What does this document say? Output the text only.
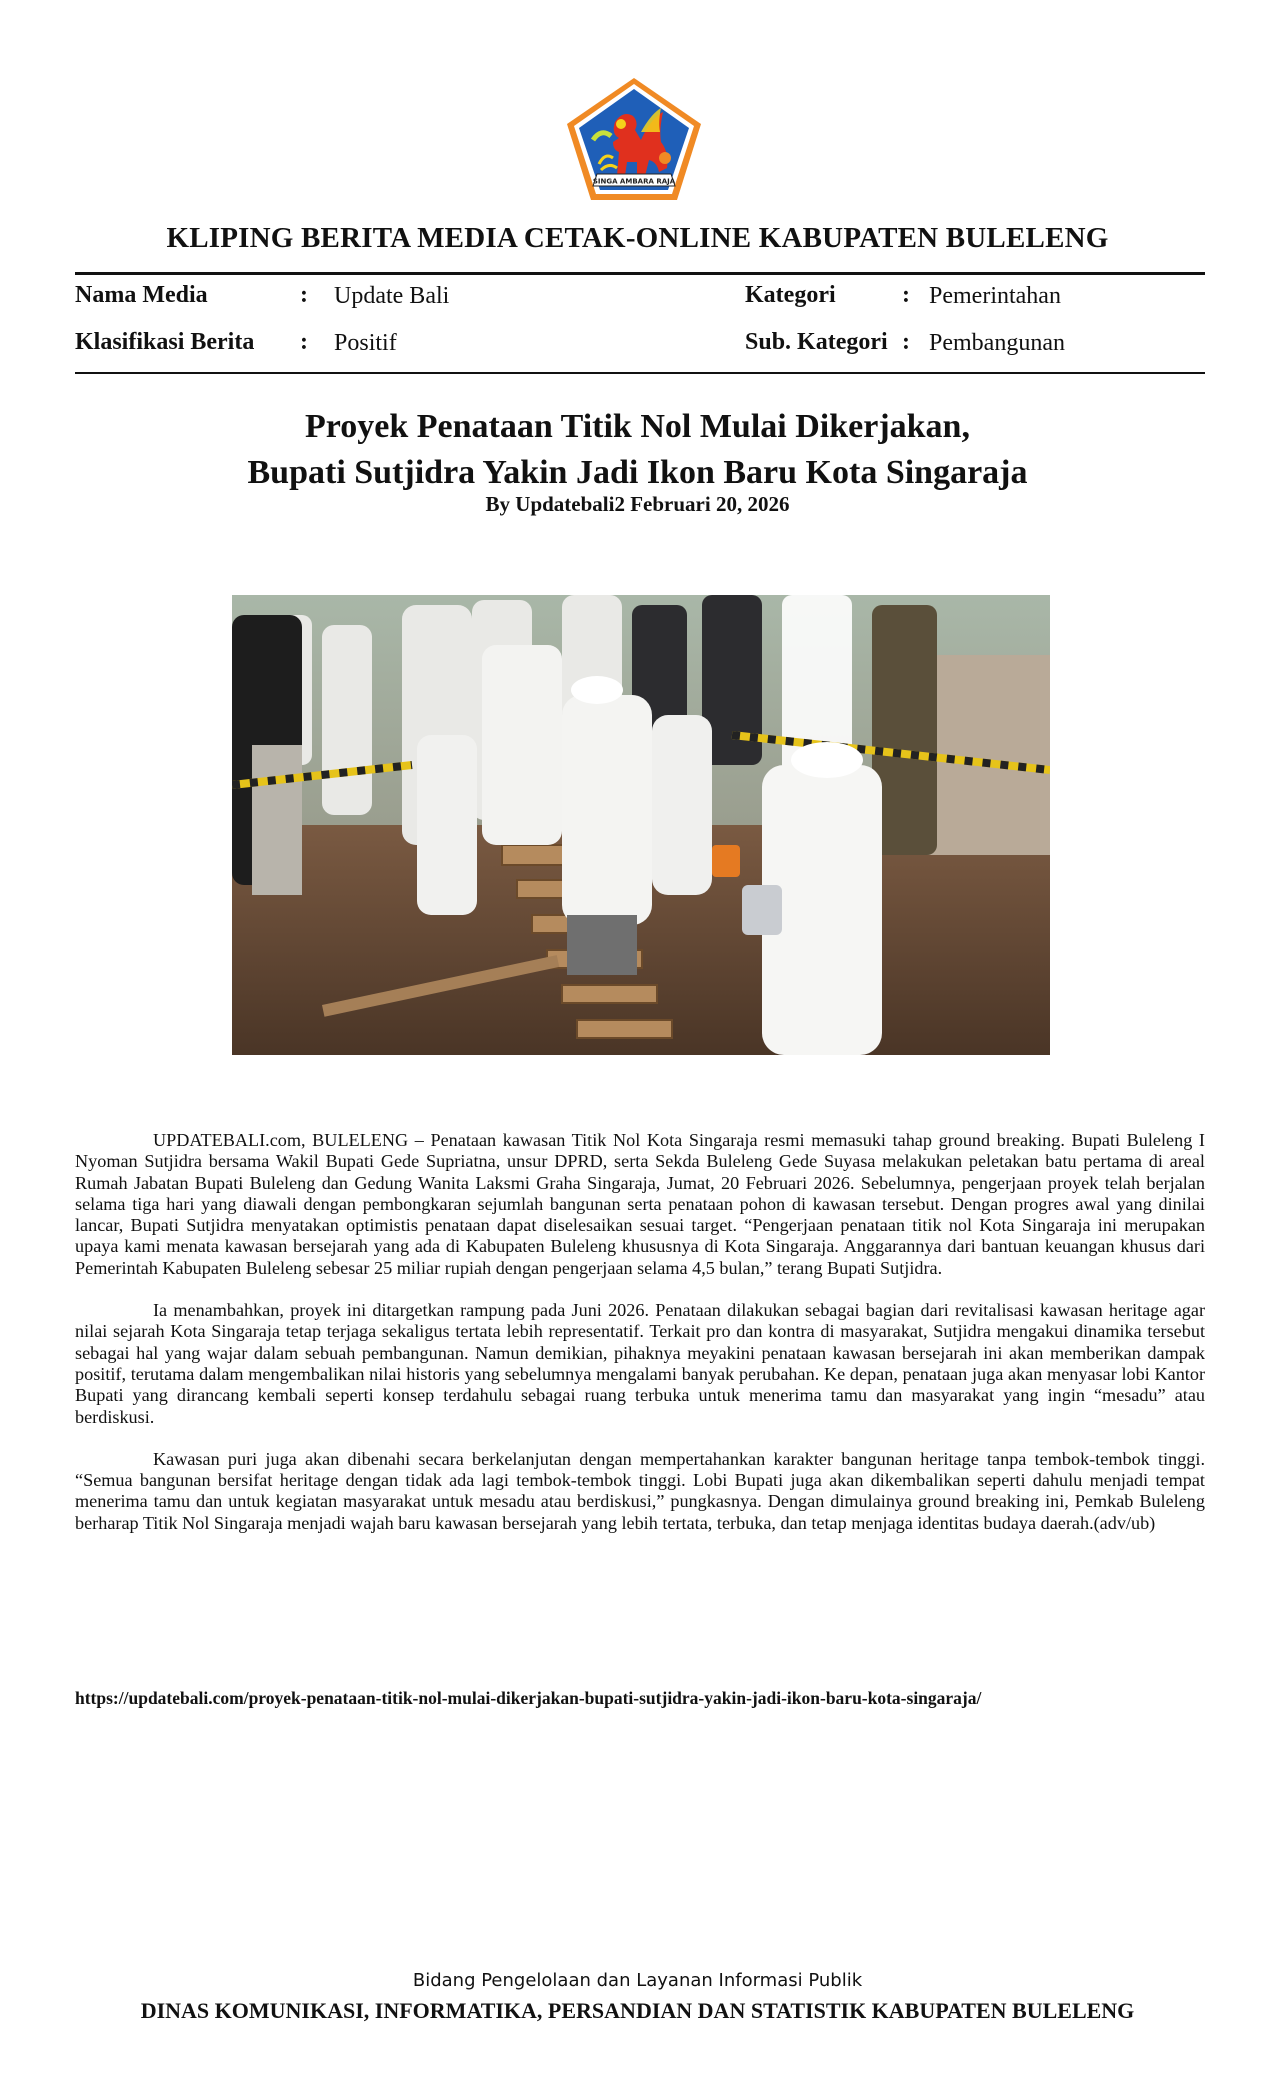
SINGA AMBARA RAJA
KLIPING BERITA MEDIA CETAK-ONLINE KABUPATEN BULELENG
Nama Media	: Update Bali
Klasifikasi Berita : Positif
Kategori	: Pemerintahan
Sub. Kategori : Pembangunan
Proyek Penataan Titik Nol Mulai Dikerjakan,
Bupati Sutjidra Yakin Jadi Ikon Baru Kota Singaraja
By Updatebali2 Februari 20, 2026

UPDATEBALI.com, BULELENG – Penataan kawasan Titik Nol Kota Singaraja resmi memasuki tahap ground breaking. Bupati Buleleng I Nyoman Sutjidra bersama Wakil Bupati Gede Supriatna, unsur DPRD, serta Sekda Buleleng Gede Suyasa melakukan peletakan batu pertama di areal Rumah Jabatan Bupati Buleleng dan Gedung Wanita Laksmi Graha Singaraja, Jumat, 20 Februari 2026. Sebelumnya, pengerjaan proyek telah berjalan selama tiga hari yang diawali dengan pembongkaran sejumlah bangunan serta penataan pohon di kawasan tersebut. Dengan progres awal yang dinilai lancar, Bupati Sutjidra menyatakan optimistis penataan dapat diselesaikan sesuai target. “Pengerjaan penataan titik nol Kota Singaraja ini merupakan upaya kami menata kawasan bersejarah yang ada di Kabupaten Buleleng khususnya di Kota Singaraja. Anggarannya dari bantuan keuangan khusus dari Pemerintah Kabupaten Buleleng sebesar 25 miliar rupiah dengan pengerjaan selama 4,5 bulan,” terang Bupati Sutjidra.

Ia menambahkan, proyek ini ditargetkan rampung pada Juni 2026. Penataan dilakukan sebagai bagian dari revitalisasi kawasan heritage agar nilai sejarah Kota Singaraja tetap terjaga sekaligus tertata lebih representatif. Terkait pro dan kontra di masyarakat, Sutjidra mengakui dinamika tersebut sebagai hal yang wajar dalam sebuah pembangunan. Namun demikian, pihaknya meyakini penataan kawasan bersejarah ini akan memberikan dampak positif, terutama dalam mengembalikan nilai historis yang sebelumnya mengalami banyak perubahan. Ke depan, penataan juga akan menyasar lobi Kantor Bupati yang dirancang kembali seperti konsep terdahulu sebagai ruang terbuka untuk menerima tamu dan masyarakat yang ingin “mesadu” atau berdiskusi.

Kawasan puri juga akan dibenahi secara berkelanjutan dengan mempertahankan karakter bangunan heritage tanpa tembok-tembok tinggi. “Semua bangunan bersifat heritage dengan tidak ada lagi tembok-tembok tinggi. Lobi Bupati juga akan dikembalikan seperti dahulu menjadi tempat menerima tamu dan untuk kegiatan masyarakat untuk mesadu atau berdiskusi,” pungkasnya. Dengan dimulainya ground breaking ini, Pemkab Buleleng berharap Titik Nol Singaraja menjadi wajah baru kawasan bersejarah yang lebih tertata, terbuka, dan tetap menjaga identitas budaya daerah.(adv/ub)

https://updatebali.com/proyek-penataan-titik-nol-mulai-dikerjakan-bupati-sutjidra-yakin-jadi-ikon-baru-kota-singaraja/
Bidang Pengelolaan dan Layanan Informasi Publik
DINAS KOMUNIKASI, INFORMATIKA, PERSANDIAN DAN STATISTIK KABUPATEN BULELENG
